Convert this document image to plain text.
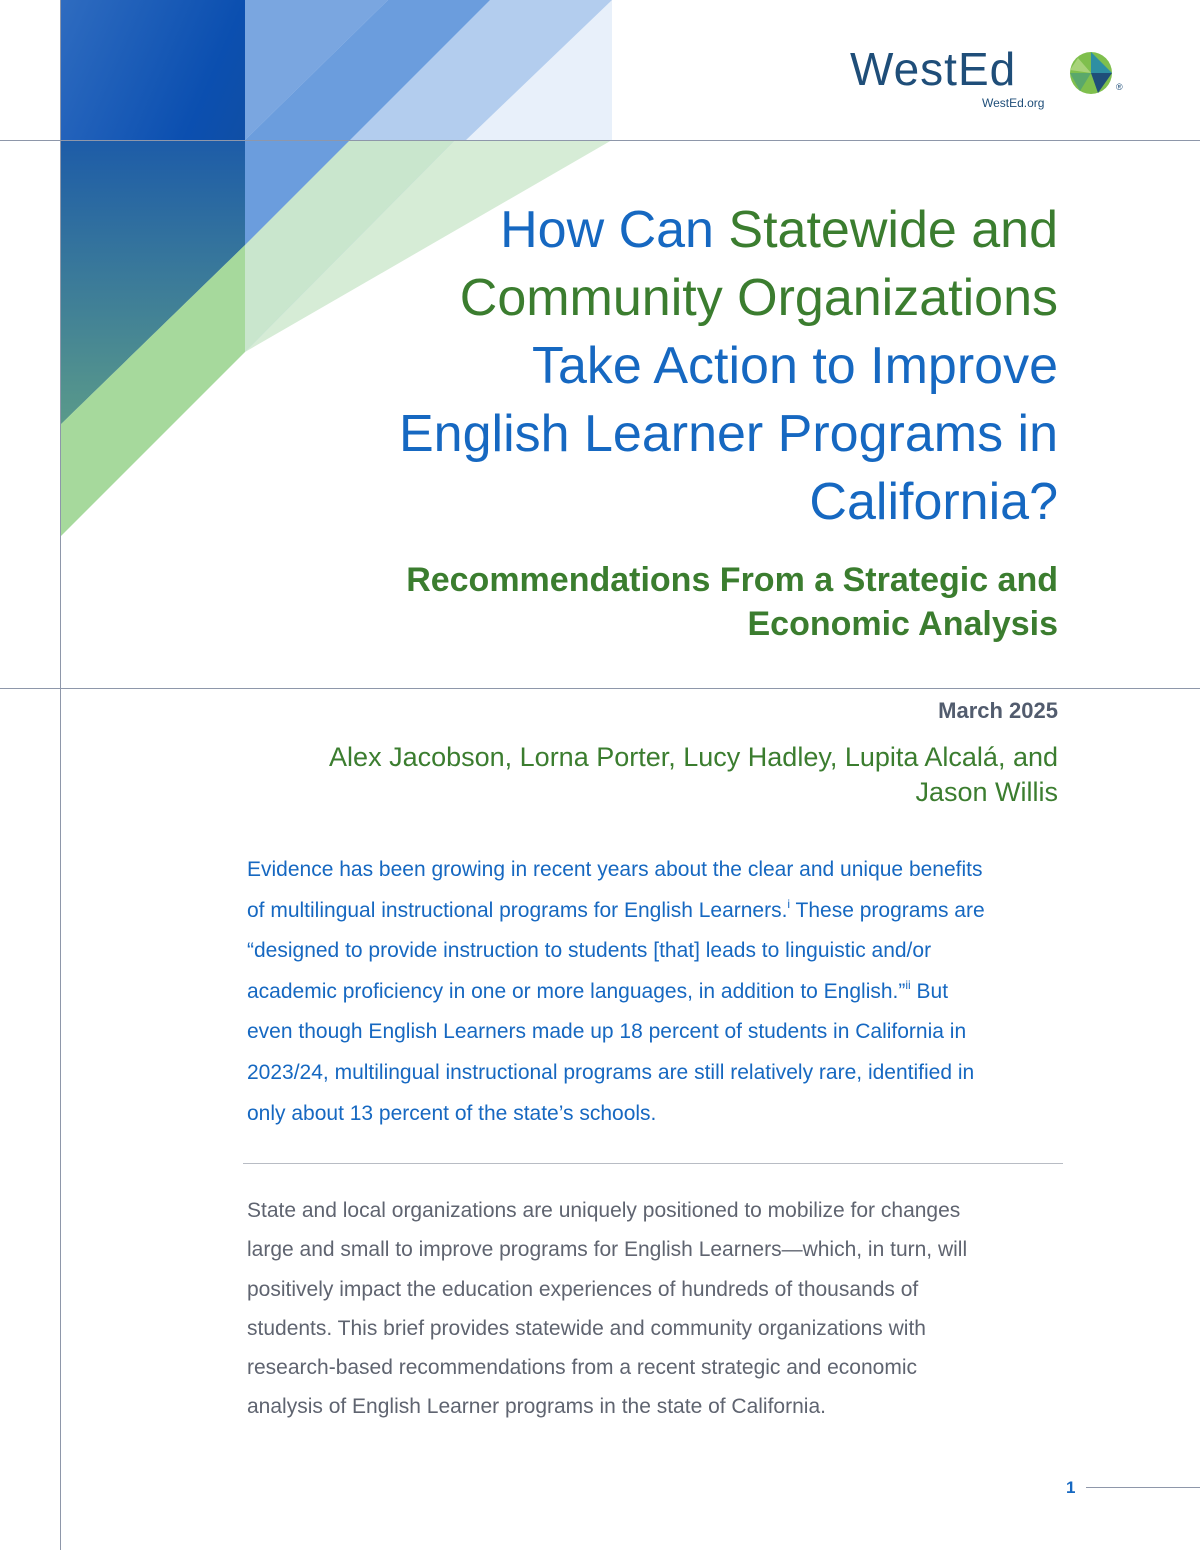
WestEd
WestEd.org
®
How Can Statewide and
Community Organizations
Take Action to Improve
English Learner Programs in
California?
Recommendations From a Strategic and
Economic Analysis
March 2025
Alex Jacobson, Lorna Porter, Lucy Hadley, Lupita Alcalá, and
Jason Willis

Evidence has been growing in recent years about the clear and unique benefits
of multilingual instructional programs for English Learners.$^i$ These programs are
“designed to provide instruction to students [that] leads to linguistic and/or
academic proficiency in one or more languages, in addition to English.”$^{ii}$ But
even though English Learners made up 18 percent of students in California in
2023/24, multilingual instructional programs are still relatively rare, identified in
only about 13 percent of the state’s schools.

State and local organizations are uniquely positioned to mobilize for changes
large and small to improve programs for English Learners—which, in turn, will
positively impact the education experiences of hundreds of thousands of
students. This brief provides statewide and community organizations with
research-based recommendations from a recent strategic and economic
analysis of English Learner programs in the state of California.

1
